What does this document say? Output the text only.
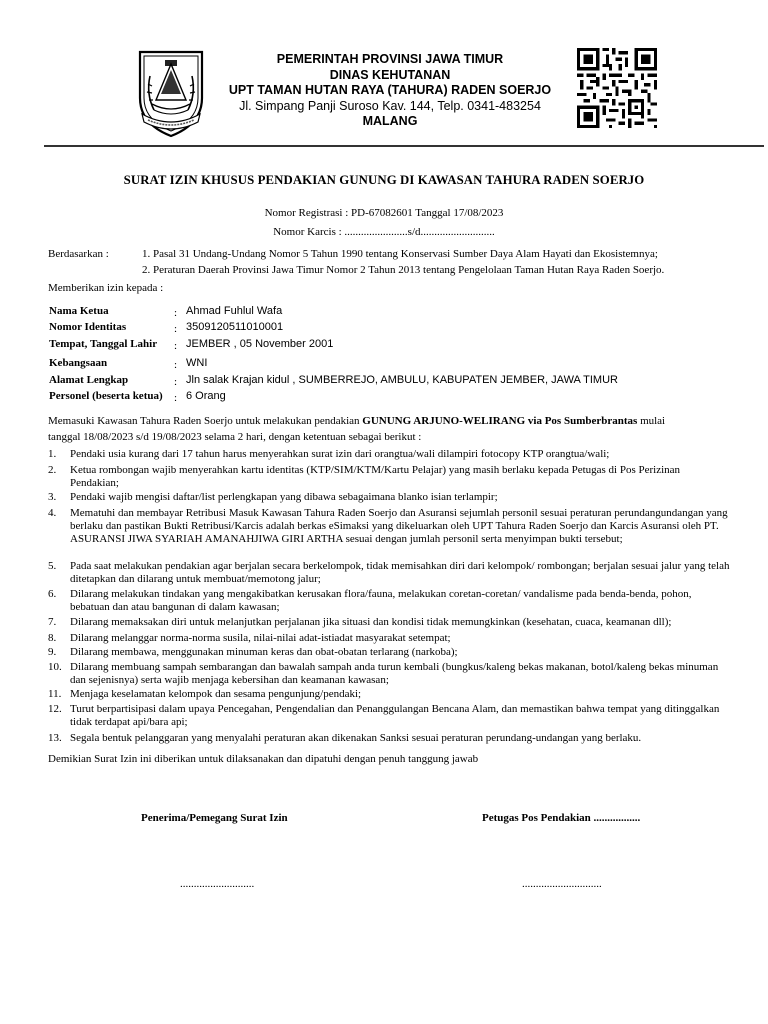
PEMERINTAH PROVINSI JAWA TIMUR
DINAS KEHUTANAN
UPT TAMAN HUTAN RAYA (TAHURA) RADEN SOERJO
Jl. Simpang Panji Suroso Kav. 144, Telp. 0341-483254
MALANG
SURAT IZIN KHUSUS PENDAKIAN GUNUNG DI KAWASAN TAHURA RADEN SOERJO
Nomor Registrasi : PD-67082601 Tanggal 17/08/2023
Nomor Karcis : .......................s/d...........................
Berdasarkan :	1. Pasal 31 Undang-Undang Nomor 5 Tahun 1990 tentang Konservasi Sumber Daya Alam Hayati dan Ekosistemnya;
2. Peraturan Daerah Provinsi Jawa Timur Nomor 2 Tahun 2013 tentang Pengelolaan Taman Hutan Raya Raden Soerjo.
Memberikan izin kepada :
Nama Ketua	: Ahmad Fuhlul Wafa
Nomor Identitas	: 3509120511010001
Tempat, Tanggal Lahir : JEMBER , 05 November 2001
Kebangsaan	: WNI
Alamat Lengkap	: Jln salak Krajan kidul , SUMBERREJO, AMBULU, KABUPATEN JEMBER, JAWA TIMUR
Personel (beserta ketua) : 6 Orang
Memasuki Kawasan Tahura Raden Soerjo untuk melakukan pendakian GUNUNG ARJUNO-WELIRANG via Pos Sumberbrantas mulai
tanggal 18/08/2023 s/d 19/08/2023 selama 2 hari, dengan ketentuan sebagai berikut :
1. Pendaki usia kurang dari 17 tahun harus menyerahkan surat izin dari orangtua/wali dilampiri fotocopy KTP orangtua/wali;
2. Ketua rombongan wajib menyerahkan kartu identitas (KTP/SIM/KTM/Kartu Pelajar) yang masih berlaku kepada Petugas di Pos Perizinan Pendakian;
3. Pendaki wajib mengisi daftar/list perlengkapan yang dibawa sebagaimana blanko isian terlampir;
4. Mematuhi dan membayar Retribusi Masuk Kawasan Tahura Raden Soerjo dan Asuransi sejumlah personil sesuai peraturan perundangundangan yang berlaku dan pastikan Bukti Retribusi/Karcis adalah berkas eSimaksi yang dikeluarkan oleh UPT Tahura Raden Soerjo dan Karcis Asuransi oleh PT. ASURANSI JIWA SYARIAH AMANAHJIWA GIRI ARTHA sesuai dengan jumlah personil serta menyimpan bukti tersebut;
5. Pada saat melakukan pendakian agar berjalan secara berkelompok, tidak memisahkan diri dari kelompok/ rombongan; berjalan sesuai jalur yang telah ditetapkan dan dilarang untuk membuat/memotong jalur;
6. Dilarang melakukan tindakan yang mengakibatkan kerusakan flora/fauna, melakukan coretan-coretan/ vandalisme pada benda-benda, pohon, bebatuan dan atau bangunan di dalam kawasan;
7. Dilarang memaksakan diri untuk melanjutkan perjalanan jika situasi dan kondisi tidak memungkinkan (kesehatan, cuaca, keamanan dll);
8. Dilarang melanggar norma-norma susila, nilai-nilai adat-istiadat masyarakat setempat;
9. Dilarang membawa, menggunakan minuman keras dan obat-obatan terlarang (narkoba);
10. Dilarang membuang sampah sembarangan dan bawalah sampah anda turun kembali (bungkus/kaleng bekas makanan, botol/kaleng bekas minuman dan sejenisnya) serta wajib menjaga kebersihan dan keamanan kawasan;
11. Menjaga keselamatan kelompok dan sesama pengunjung/pendaki;
12. Turut berpartisipasi dalam upaya Pencegahan, Pengendalian dan Penanggulangan Bencana Alam, dan memastikan bahwa tempat yang ditinggalkan tidak terdapat api/bara api;
13. Segala bentuk pelanggaran yang menyalahi peraturan akan dikenakan Sanksi sesuai peraturan perundang-undangan yang berlaku.
Demikian Surat Izin ini diberikan untuk dilaksanakan dan dipatuhi dengan penuh tanggung jawab
Penerima/Pemegang Surat Izin	Petugas Pos Pendakian .................
...........................	.............................
